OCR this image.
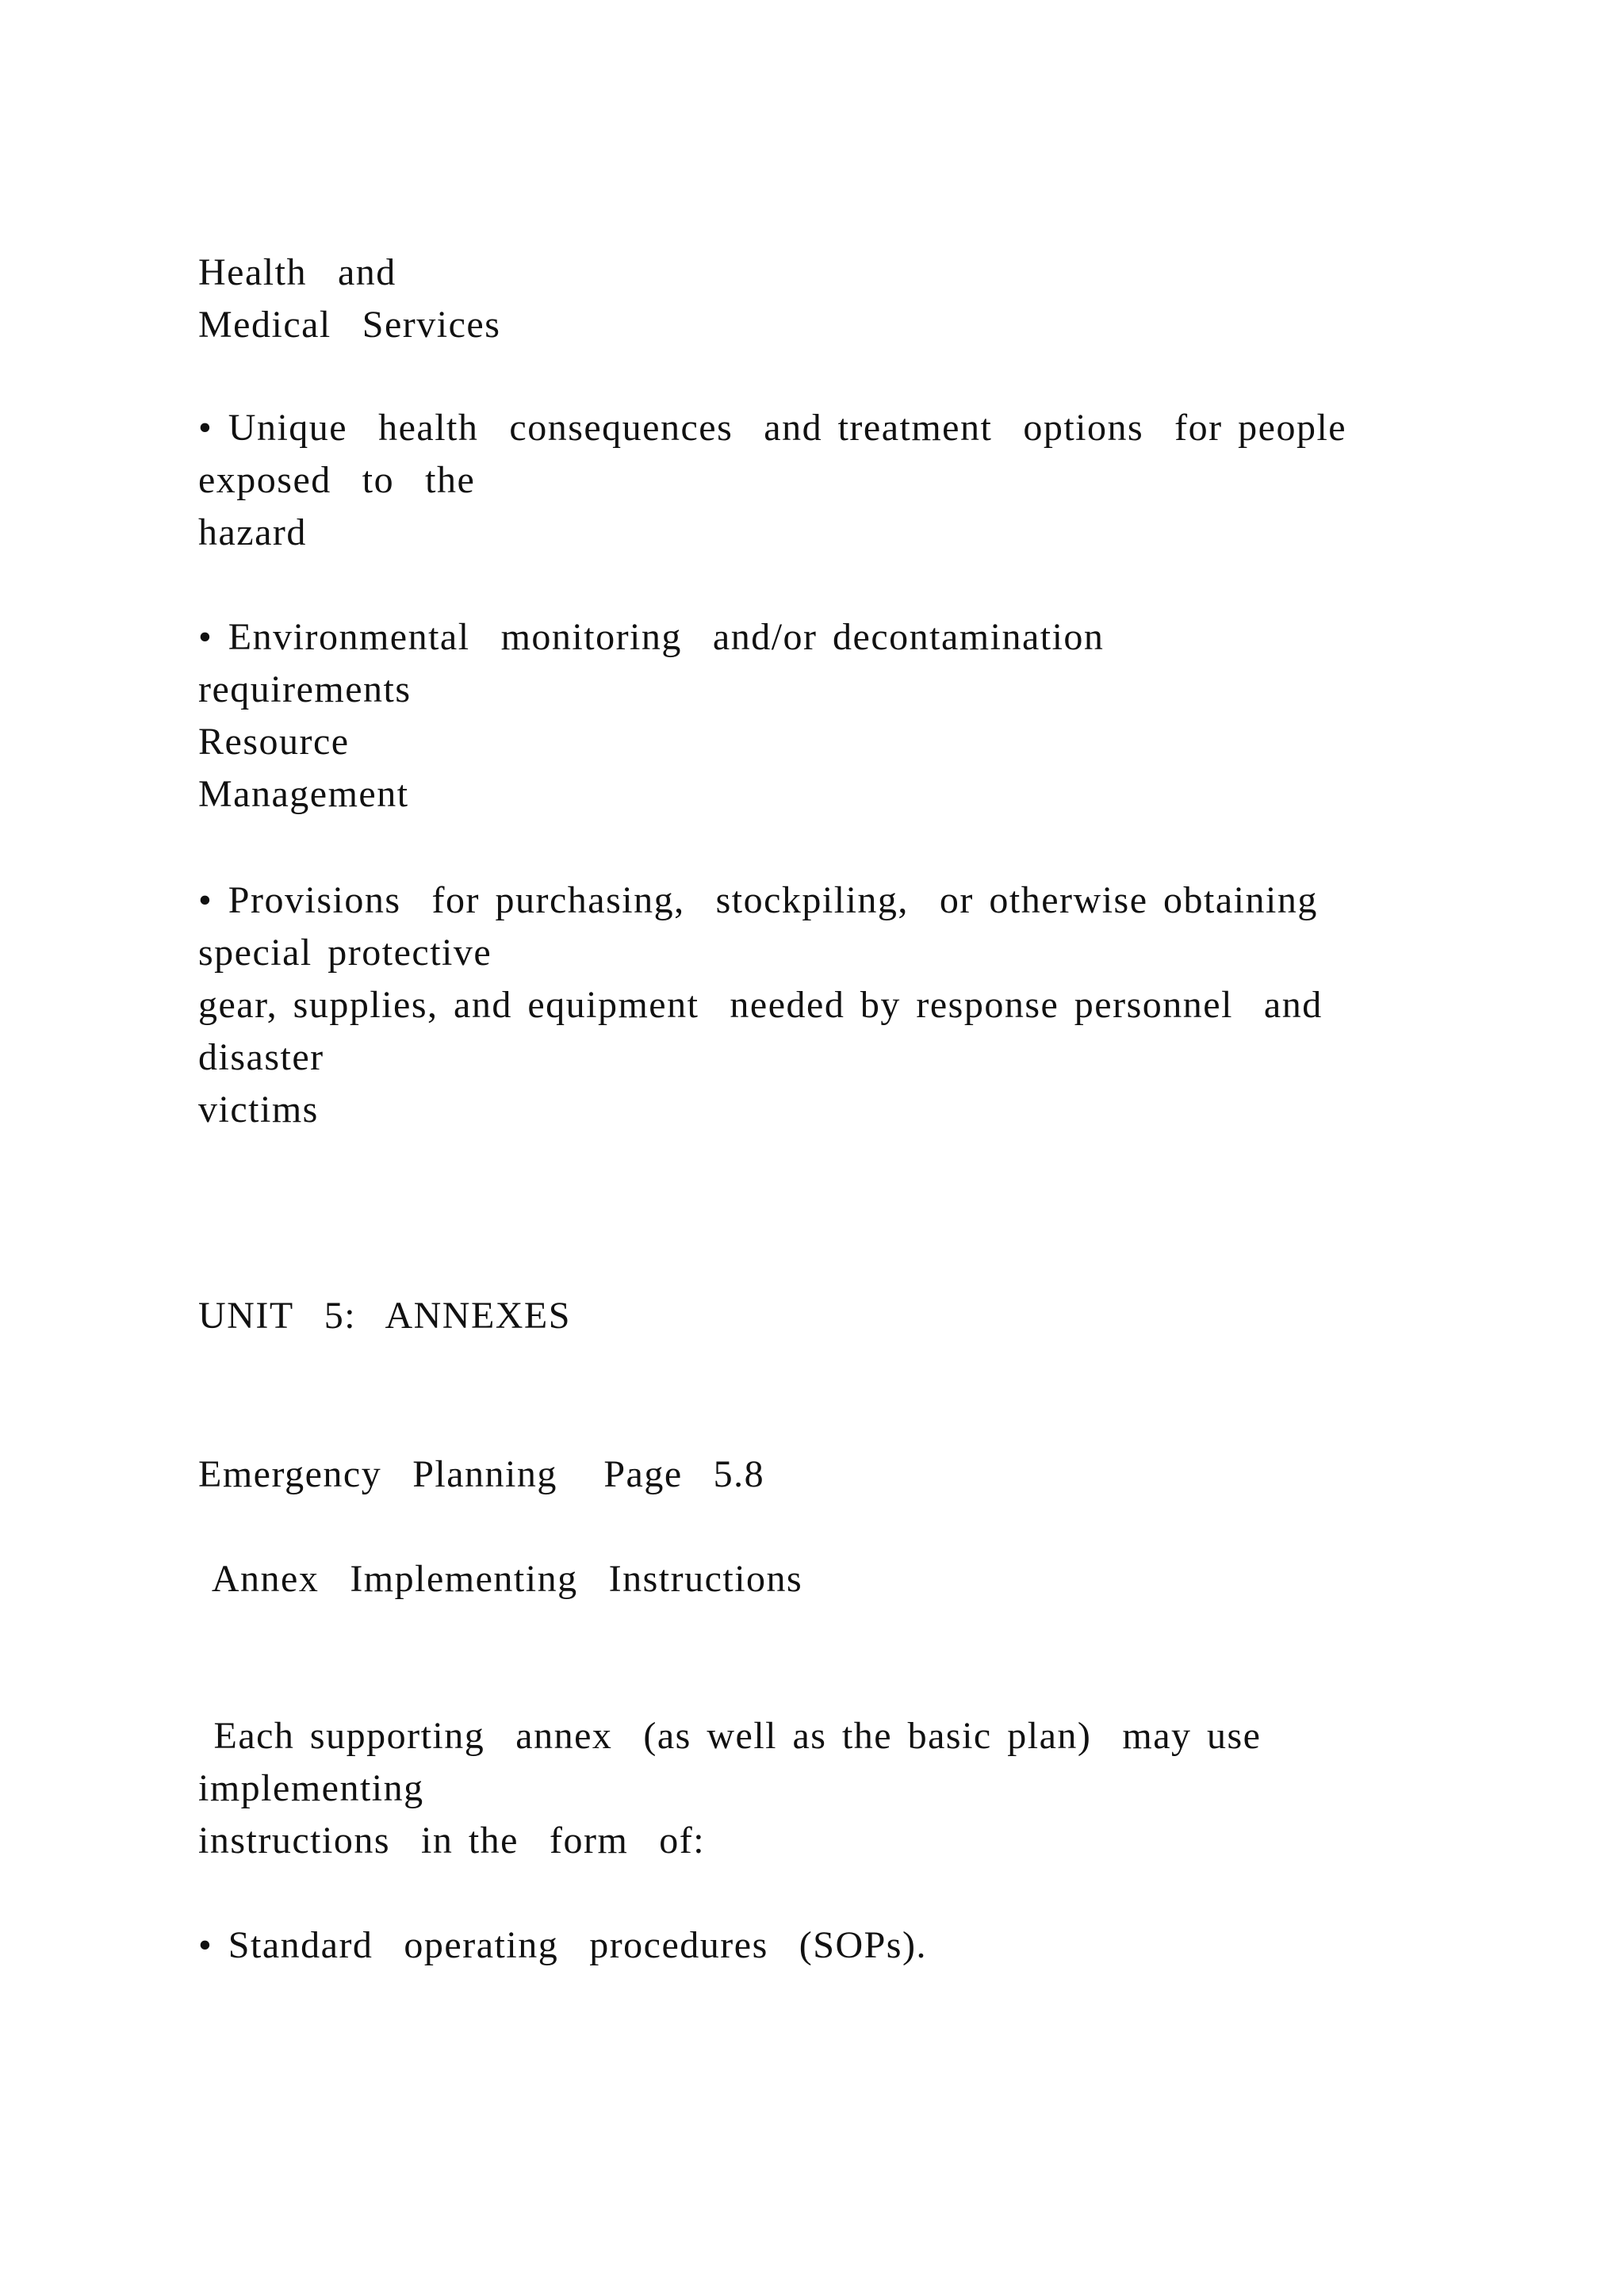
Health  and
Medical  Services
• Unique  health  consequences  and treatment  options  for people
exposed  to  the
hazard
• Environmental  monitoring  and/or decontamination
requirements
Resource
Management
• Provisions  for purchasing,  stockpiling,  or otherwise obtaining
special protective
gear, supplies, and equipment  needed by response personnel  and
disaster
victims
UNIT  5:  ANNEXES
Emergency  Planning   Page  5.8
Annex  Implementing  Instructions
Each supporting  annex  (as well as the basic plan)  may use
implementing
instructions  in the  form  of:
• Standard  operating  procedures  (SOPs).
